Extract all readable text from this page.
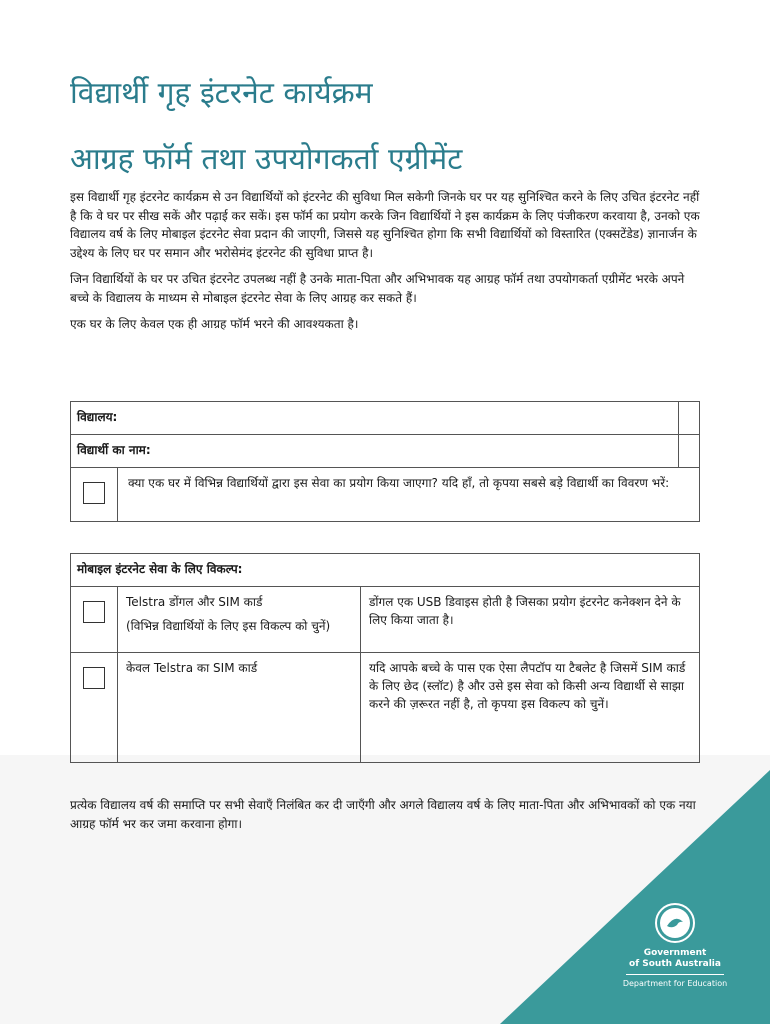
विद्यार्थी गृह इंटरनेट कार्यक्रम
आग्रह फॉर्म तथा उपयोगकर्ता एग्रीमेंट

इस विद्यार्थी गृह इंटरनेट कार्यक्रम से उन विद्यार्थियों को इंटरनेट की सुविधा मिल सकेगी जिनके घर पर यह सुनिश्चित करने के लिए उचित इंटरनेट नहीं है कि वे घर पर सीख सकें और पढ़ाई कर सकें। इस फॉर्म का प्रयोग करके जिन विद्यार्थियों ने इस कार्यक्रम के लिए पंजीकरण करवाया है, उनको एक विद्यालय वर्ष के लिए मोबाइल इंटरनेट सेवा प्रदान की जाएगी, जिससे यह सुनिश्चित होगा कि सभी विद्यार्थियों को विस्तारित (एक्सटेंडेड) ज्ञानार्जन के उद्देश्य के लिए घर पर समान और भरोसेमंद इंटरनेट की सुविधा प्राप्त है।

जिन विद्यार्थियों के घर पर उचित इंटरनेट उपलब्ध नहीं है उनके माता-पिता और अभिभावक यह आग्रह फॉर्म तथा उपयोगकर्ता एग्रीमेंट भरके अपने बच्चे के विद्यालय के माध्यम से मोबाइल इंटरनेट सेवा के लिए आग्रह कर सकते हैं।

एक घर के लिए केवल एक ही आग्रह फॉर्म भरने की आवश्यकता है।

विद्यालय:		
विद्यार्थी का नाम:		
	क्या एक घर में विभिन्न विद्यार्थियों द्वारा इस सेवा का प्रयोग किया जाएगा? यदि हाँ, तो कृपया सबसे बड़े विद्यार्थी का विवरण भरें:	
मोबाइल इंटरनेट सेवा के लिए विकल्प:		

	Telstra डोंगल और SIM कार्ड
(विभिन्न विद्यार्थियों के लिए इस विकल्प को चुनें)	डोंगल एक USB डिवाइस होती है जिसका प्रयोग इंटरनेट कनेक्शन देने के लिए किया जाता है।
	केवल Telstra का SIM कार्ड	यदि आपके बच्चे के पास एक ऐसा लैपटॉप या टैबलेट है जिसमें SIM कार्ड के लिए छेद (स्लॉट) है और उसे इस सेवा को किसी अन्य विद्यार्थी से साझा करने की ज़रूरत नहीं है, तो कृपया इस विकल्प को चुनें।
प्रत्येक विद्यालय वर्ष की समाप्ति पर सभी सेवाएँ निलंबित कर दी जाएँगी और अगले विद्यालय वर्ष के लिए माता-पिता और अभिभावकों को एक नया आग्रह फॉर्म भर कर जमा करवाना होगा।
Government
of South Australia
Department for Education
